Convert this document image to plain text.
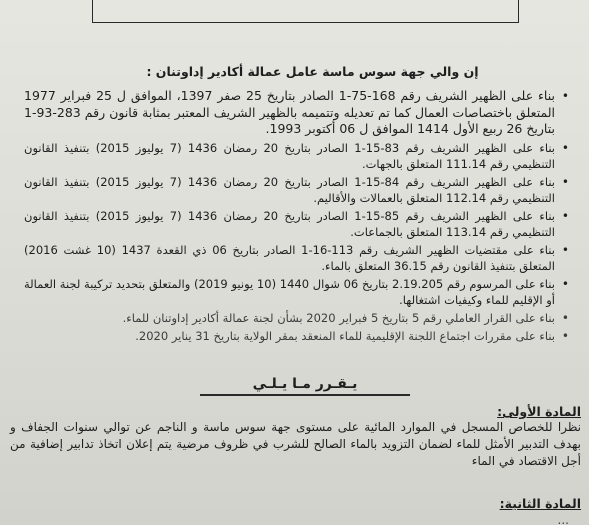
إن والي جهة سوس ماسة عامل عمالة أكادير إداوتنان :
• بناء على الظهير الشريف رقم 168-75-1 الصادر بتاريخ 25 صفر 1397، الموافق ل 25 فبراير 1977 المتعلق باختصاصات العمال كما تم تعديله وتتميمه بالظهير الشريف المعتبر بمثابة قانون رقم 283-93-1 بتاريخ 26 ربيع الأول 1414 الموافق ل 06 أكتوبر 1993.
• بناء على الظهير الشريف رقم 83-15-1 الصادر بتاريخ 20 رمضان 1436 (7 يوليوز 2015) بتنفيذ القانون التنظيمي رقم 111.14 المتعلق بالجهات.
• بناء على الظهير الشريف رقم 84-15-1 الصادر بتاريخ 20 رمضان 1436 (7 يوليوز 2015) بتنفيذ القانون التنظيمي رقم 112.14 المتعلق بالعمالات والأقاليم.
• بناء على الظهير الشريف رقم 85-15-1 الصادر بتاريخ 20 رمضان 1436 (7 يوليوز 2015) بتنفيذ القانون التنظيمي رقم 113.14 المتعلق بالجماعات.
• بناء على مقتضيات الظهير الشريف رقم 113-16-1 الصادر بتاريخ 06 ذي القعدة 1437 (10 غشت 2016) المتعلق بتنفيذ القانون رقم 36.15 المتعلق بالماء.
• بناء على المرسوم رقم 2.19.205 بتاريخ 06 شوال 1440 (10 يونيو 2019) والمتعلق بتحديد تركيبة لجنة العمالة أو الإقليم للماء وكيفيات اشتغالها.
• بناء على القرار العاملي رقم 5 بتاريخ 5 فبراير 2020 بشأن لجنة عمالة أكادير إداوتنان للماء.
• بناء على مقررات اجتماع اللجنة الإقليمية للماء المنعقد بمقر الولاية بتاريخ 31 يناير 2020.
يـقـرر مـا يـلـي
المادة الأولى:
نظرا للخصاص المسجل في الموارد المائية على مستوى جهة سوس ماسة و الناجم عن توالي سنوات الجفاف و بهدف التدبير الأمثل للماء لضمان التزويد بالماء الصالح للشرب في ظروف مرضية يتم إعلان اتخاذ تدابير إضافية من أجل الاقتصاد في الماء
المادة الثانية:
...
